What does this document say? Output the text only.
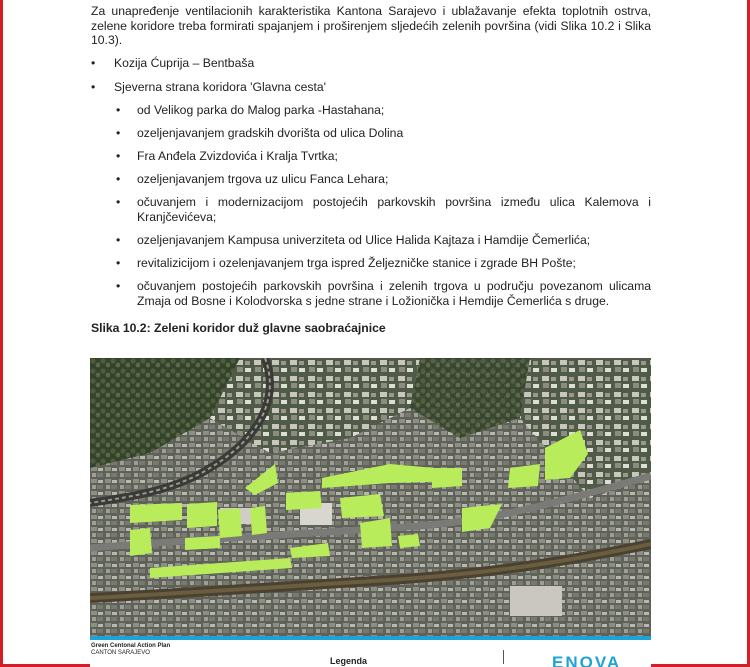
Za unapređenje ventilacionih karakteristika Kantona Sarajevo i ublažavanje efekta toplotnih ostrva, zelene koridore treba formirati spajanjem i proširenjem sljedećih zelenih površina (vidi Slika 10.2 i Slika 10.3).

• Kozija Ćuprija – Bentbaša
• Sjeverna strana koridora 'Glavna cesta'
• od Velikog parka do Malog parka -Hastahana;
• ozeljenjavanjem gradskih dvorišta od ulica Dolina
• Fra Anđela Zvizdovića i Kralja Tvrtka;
• ozeljenjavanjem trgova uz ulicu Fanca Lehara;
• očuvanjem i modernizacijom postojećih parkovskih površina između ulica Kalemova i Kranjčevićeva;
• ozeljenjavanjem Kampusa univerziteta od Ulice Halida Kajtaza i Hamdije Čemerlića;
• revitalizicijom i ozelenjavanjem trga ispred Željezničke stanice i zgrade BH Pošte;
• očuvanjem postojećih parkovskih površina i zelenih trgova u području povezanom ulicama Zmaja od Bosne i Kolodvorska s jedne strane i Ložionička i Hemdije Čemerlića s druge.
Slika 10.2: Zeleni koridor duž glavne saobraćajnice
Green Centonal Action Plan
CANTON SARAJEVO
Legenda	ENOVA
